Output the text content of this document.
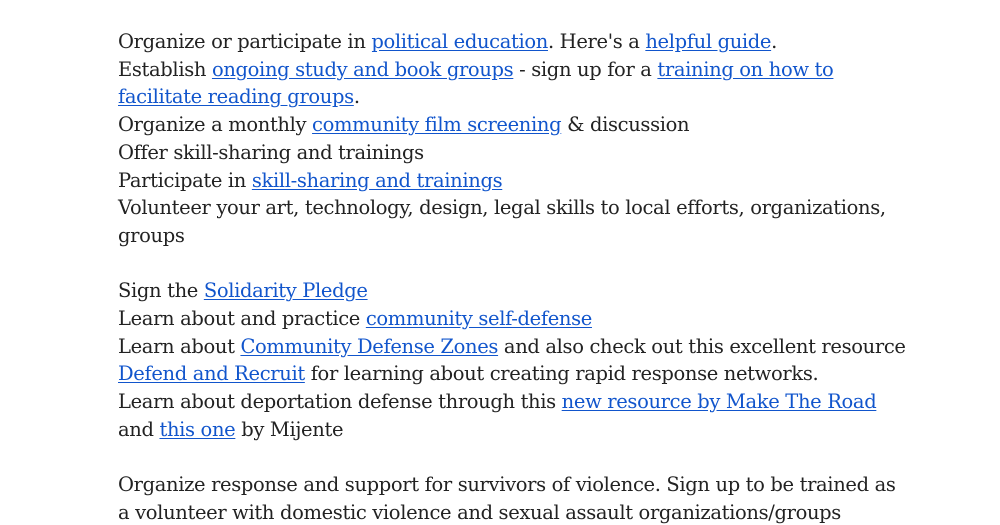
Organize or participate in political education. Here's a helpful guide.
Establish ongoing study and book groups - sign up for a training on how to
facilitate reading groups.
Organize a monthly community film screening & discussion
Offer skill-sharing and trainings
Participate in skill-sharing and trainings
Volunteer your art, technology, design, legal skills to local efforts, organizations,
groups
Sign the Solidarity Pledge
Learn about and practice community self-defense
Learn about Community Defense Zones and also check out this excellent resource
Defend and Recruit for learning about creating rapid response networks.
Learn about deportation defense through this new resource by Make The Road
and this one by Mijente
Organize response and support for survivors of violence. Sign up to be trained as
a volunteer with domestic violence and sexual assault organizations/groups
